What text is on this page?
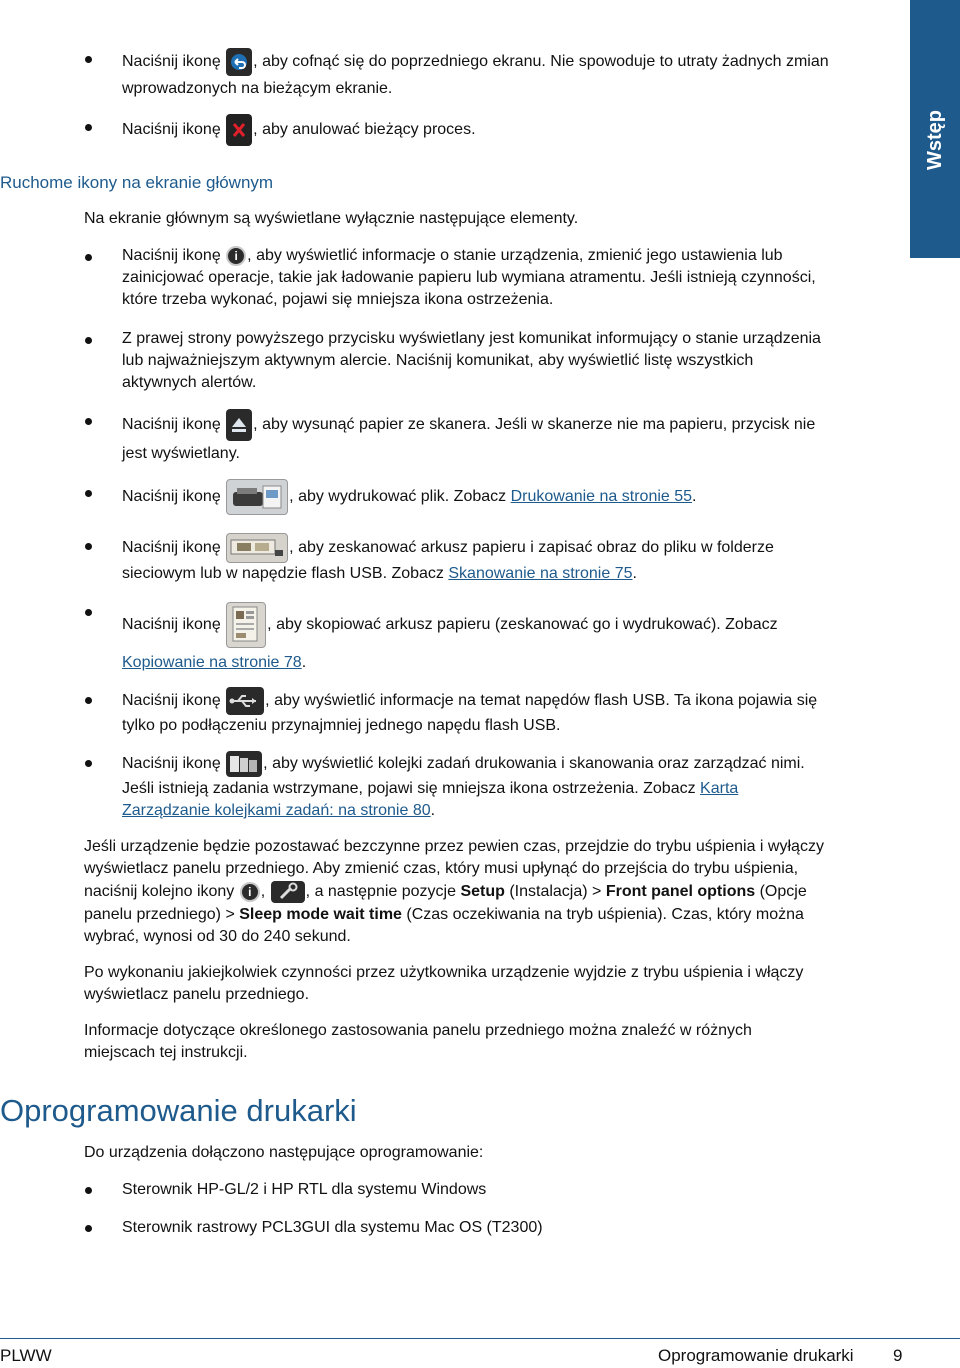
Wstęp
Naciśnij ikonę , aby cofnąć się do poprzedniego ekranu. Nie spowoduje to utraty żadnych zmian
wprowadzonych na bieżącym ekranie.
Naciśnij ikonę , aby anulować bieżący proces.
Ruchome ikony na ekranie głównym
Na ekranie głównym są wyświetlane wyłącznie następujące elementy.
Naciśnij ikonę i , aby wyświetlić informacje o stanie urządzenia, zmienić jego ustawienia lub
zainicjować operacje, takie jak ładowanie papieru lub wymiana atramentu. Jeśli istnieją czynności,
które trzeba wykonać, pojawi się mniejsza ikona ostrzeżenia.
Z prawej strony powyższego przycisku wyświetlany jest komunikat informujący o stanie urządzenia
lub najważniejszym aktywnym alercie. Naciśnij komunikat, aby wyświetlić listę wszystkich
aktywnych alertów.
Naciśnij ikonę , aby wysunąć papier ze skanera. Jeśli w skanerze nie ma papieru, przycisk nie
jest wyświetlany.
Naciśnij ikonę	, aby wydrukować plik. Zobacz Drukowanie na stronie 55.
Naciśnij ikonę	, aby zeskanować arkusz papieru i zapisać obraz do pliku w folderze
sieciowym lub w napędzie flash USB. Zobacz Skanowanie na stronie 75.
Naciśnij ikonę	, aby skopiować arkusz papieru (zeskanować go i wydrukować). Zobacz
Kopiowanie na stronie 78.
Naciśnij ikonę	, aby wyświetlić informacje na temat napędów flash USB. Ta ikona pojawia się
tylko po podłączeniu przynajmniej jednego napędu flash USB.
Naciśnij ikonę	, aby wyświetlić kolejki zadań drukowania i skanowania oraz zarządzać nimi.
Jeśli istnieją zadania wstrzymane, pojawi się mniejsza ikona ostrzeżenia. Zobacz Karta
Zarządzanie kolejkami zadań: na stronie 80.
Jeśli urządzenie będzie pozostawać bezczynne przez pewien czas, przejdzie do trybu uśpienia i wyłączy
wyświetlacz panelu przedniego. Aby zmienić czas, który musi upłynąć do przejścia do trybu uśpienia,
naciśnij kolejno ikony i ,	, a następnie pozycje Setup (Instalacja) > Front panel options (Opcje
panelu przedniego) > Sleep mode wait time (Czas oczekiwania na tryb uśpienia). Czas, który można
wybrać, wynosi od 30 do 240 sekund.
Po wykonaniu jakiejkolwiek czynności przez użytkownika urządzenie wyjdzie z trybu uśpienia i włączy
wyświetlacz panelu przedniego.
Informacje dotyczące określonego zastosowania panelu przedniego można znaleźć w różnych
miejscach tej instrukcji.
Oprogramowanie drukarki
Do urządzenia dołączono następujące oprogramowanie:
Sterownik HP-GL/2 i HP RTL dla systemu Windows
Sterownik rastrowy PCL3GUI dla systemu Mac OS (T2300)
PLWW	Oprogramowanie drukarki 9
